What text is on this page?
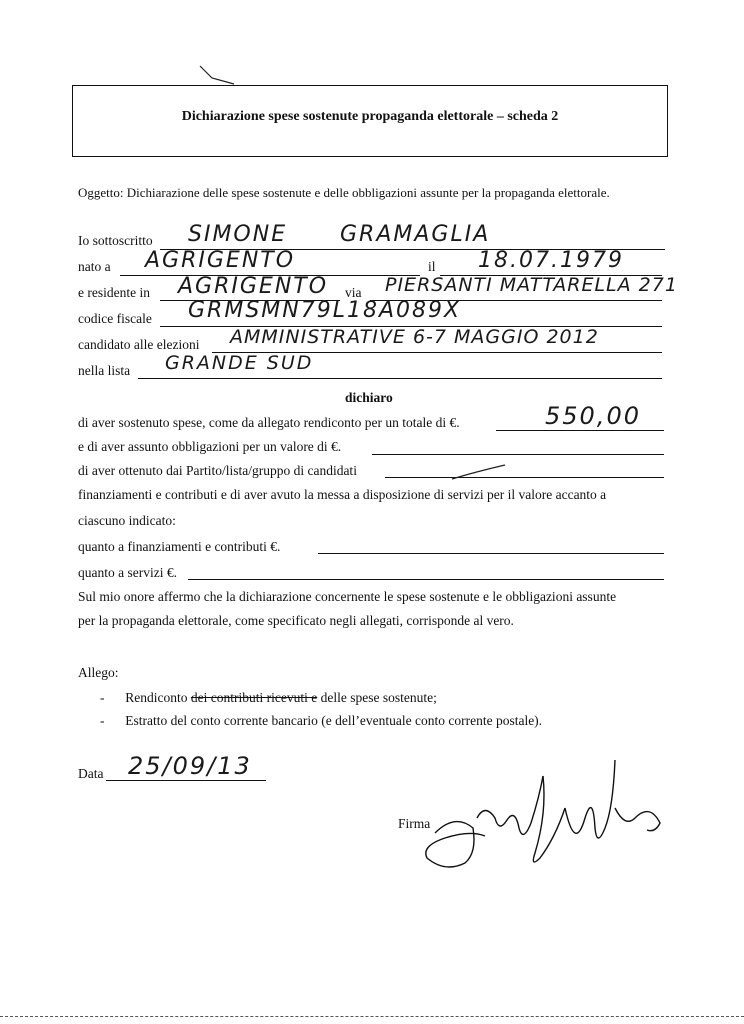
Dichiarazione spese sostenute propaganda elettorale – scheda 2
Oggetto: Dichiarazione delle spese sostenute e delle obbligazioni assunte per la propaganda elettorale.
Io sottoscritto SIMONE GRAMAGLIA
nato a AGRIGENTO	il 18.07.1979
e residente in AGRIGENTO via PIERSANTI MATTARELLA 271
codice fiscale GRMSMN79L18A089X
candidato alle elezioni AMMINISTRATIVE 6-7 MAGGIO 2012
nella lista GRANDE SUD
dichiaro
di aver sostenuto spese, come da allegato rendiconto per un totale di €.	550,00
e di aver assunto obbligazioni per un valore di €.
di aver ottenuto dai Partito/lista/gruppo di candidati
finanziamenti e contributi e di aver avuto la messa a disposizione di servizi per il valore accanto a
ciascuno indicato:
quanto a finanziamenti e contributi €.
quanto a servizi €.
Sul mio onore affermo che la dichiarazione concernente le spese sostenute e le obbligazioni assunte
per la propaganda elettorale, come specificato negli allegati, corrisponde al vero.
Allego:
- Rendiconto dei contributi ricevuti e delle spese sostenute;
- Estratto del conto corrente bancario (e dell’eventuale conto corrente postale).
Data 25/09/13
Firma
